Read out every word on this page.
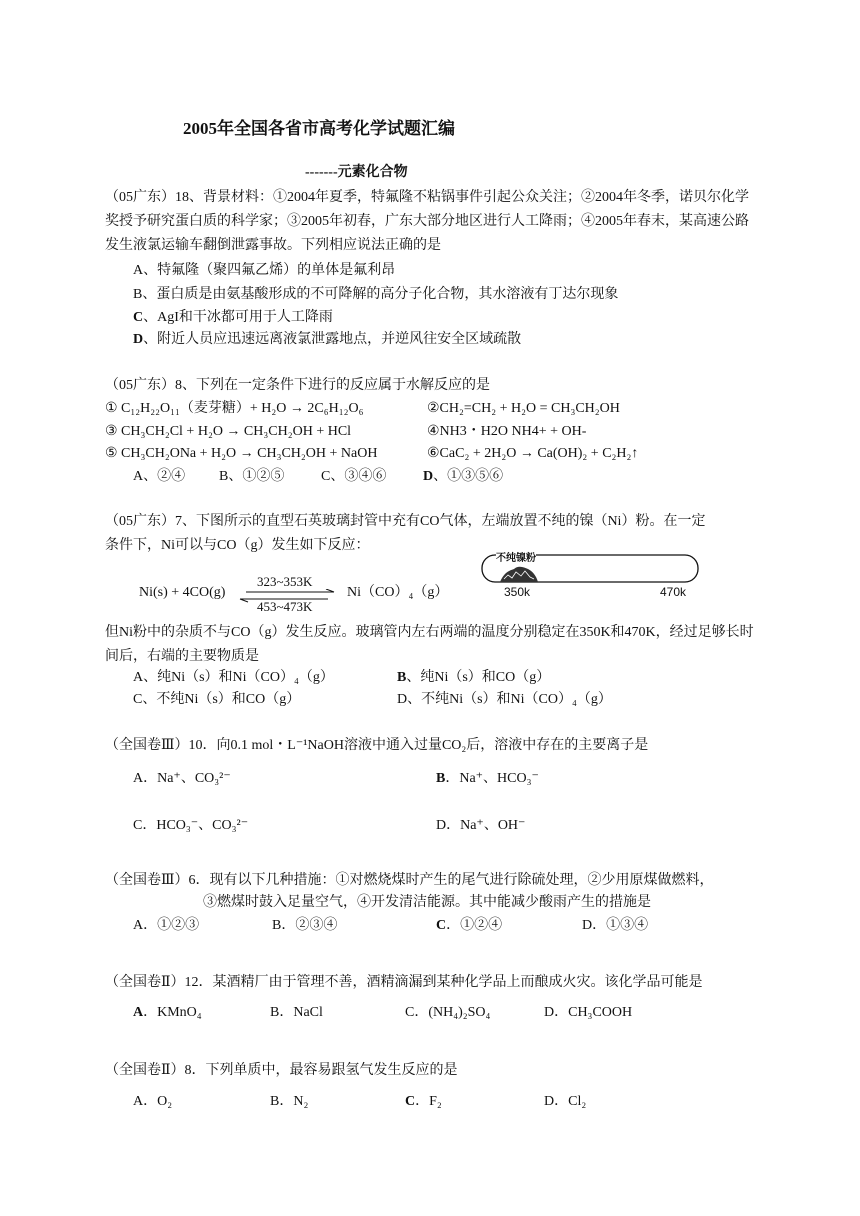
2005年全国各省市高考化学试题汇编
-------元素化合物
（05广东）18、背景材料：①2004年夏季，特氟隆不粘锅事件引起公众关注；②2004年冬季，诺贝尔化学奖授予研究蛋白质的科学家；③2005年初春，广东大部分地区进行人工降雨；④2005年春末，某高速公路发生液氯运输车翻倒泄露事故。下列相应说法正确的是
A、特氟隆（聚四氟乙烯）的单体是氟利昂
B、蛋白质是由氨基酸形成的不可降解的高分子化合物，其水溶液有丁达尔现象
C、AgI和干冰都可用于人工降雨
D、附近人员应迅速远离液氯泄露地点，并逆风往安全区域疏散
（05广东）8、下列在一定条件下进行的反应属于水解反应的是
① C₁₂H₂₂O₁₁（麦芽糖）+ H₂O → 2C₆H₁₂O₆	②CH₂=CH₂ + H₂O = CH₃CH₂OH
③ CH₃CH₂Cl + H₂O → CH₃CH₂OH + HCl	④NH3・H2O NH4+ + OH-
⑤ CH₃CH₂ONa + H₂O → CH₃CH₂OH + NaOH	⑥CaC₂ + 2H₂O → Ca(OH)₂ + C₂H₂↑
A、②④ B、①②⑤	C、③④⑥	D、①③⑤⑥
（05广东）7、下图所示的直型石英玻璃封管中充有CO气体，左端放置不纯的镍（Ni）粉。在一定
条件下，Ni可以与CO（g）发生如下反应：
Ni(s) + 4CO(g)
323~353K
453~473K
Ni（CO）₄（g）
不纯镍粉
350k	470k
但Ni粉中的杂质不与CO（g）发生反应。玻璃管内左右两端的温度分别稳定在350K和470K，经过足够长时间后，右端的主要物质是
A、纯Ni（s）和Ni（CO）₄（g）	B、纯Ni（s）和CO（g）
C、不纯Ni（s）和CO（g）	D、不纯Ni（s）和Ni（CO）₄（g）
（全国卷Ⅲ）10．向0.1 mol・L⁻¹NaOH溶液中通入过量CO₂后，溶液中存在的主要离子是
A．Na⁺、CO₃²⁻	B．Na⁺、HCO₃⁻
C．HCO₃⁻、CO₃²⁻	D．Na⁺、OH⁻
（全国卷Ⅲ）6．现有以下几种措施：①对燃烧煤时产生的尾气进行除硫处理，②少用原煤做燃料，
③燃煤时鼓入足量空气，④开发清洁能源。其中能减少酸雨产生的措施是
A．①②③	B．②③④	C．①②④	D．①③④
（全国卷Ⅱ）12．某酒精厂由于管理不善，酒精滴漏到某种化学品上而酿成火灾。该化学品可能是
A．KMnO₄	B．NaCl	C．(NH₄)₂SO₄	D．CH₃COOH
（全国卷Ⅱ）8．下列单质中，最容易跟氢气发生反应的是
A．O₂	B．N₂	C．F₂	D．Cl₂
